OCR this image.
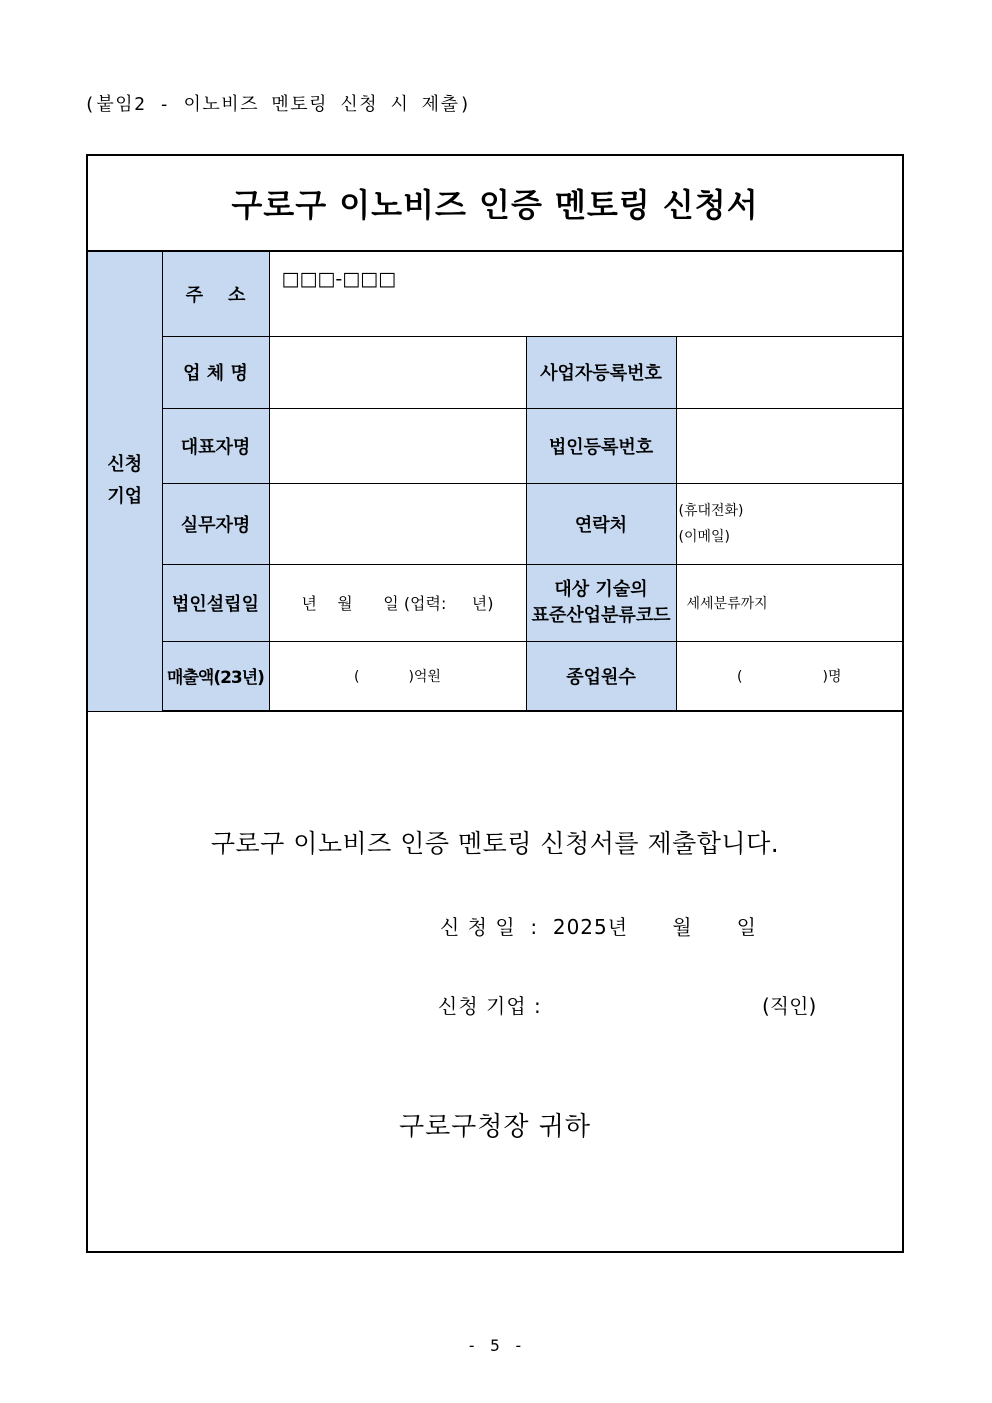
(붙임2 - 이노비즈 멘토링 신청 시 제출)
구로구 이노비즈 인증 멘토링 신청서
신청
기업	주    소	□□□-□□□		
	업 체 명		사업자등록번호	
	대표자명		법인등록번호	
	실무자명		연락처	(휴대전화)
(이메일)

	법인설립일	년    월      일 (업력:     년)	대상 기술의
표준산업분류코드	세세분류까지
	매출액(23년)	(           )억원	종업원수	(                  )명
구로구 이노비즈 인증 멘토링 신청서를 제출합니다.
신 청 일  :  2025년      월      일
신청 기업 :	(직인)
구로구청장 귀하
- 5 -
